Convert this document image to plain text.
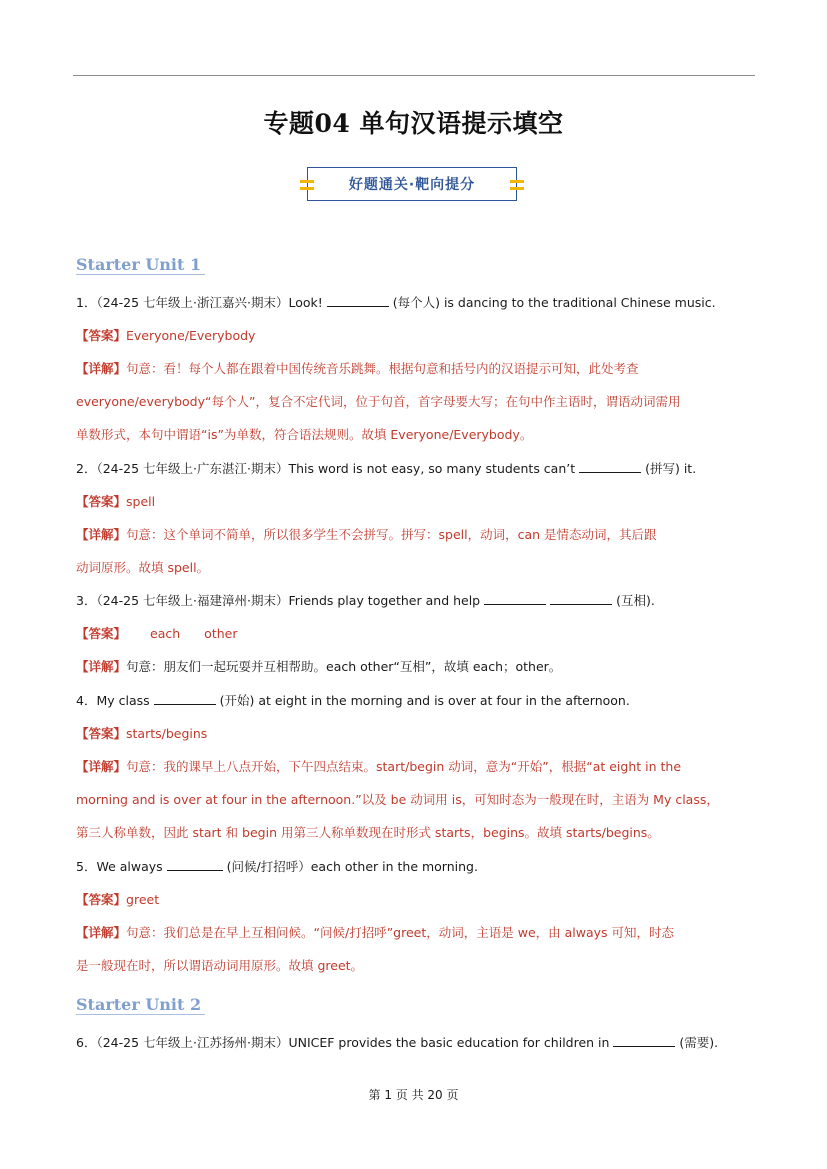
专题04 单句汉语提示填空
好题通关·靶向提分
Starter Unit 1
1．（24-25 七年级上·浙江嘉兴·期末）Look!	(每个人) is dancing to the traditional Chinese music.
【答案】Everyone/Everybody
【详解】句意：看！每个人都在跟着中国传统音乐跳舞。根据句意和括号内的汉语提示可知，此处考查
everyone/everybody“每个人”，复合不定代词，位于句首，首字母要大写；在句中作主语时，谓语动词需用
单数形式，本句中谓语“is”为单数，符合语法规则。故填 Everyone/Everybody。
2．（24-25 七年级上·广东湛江·期末）This word is not easy, so many students can’t	(拼写) it.
【答案】spell
【详解】句意：这个单词不简单，所以很多学生不会拼写。拼写：spell，动词，can 是情态动词，其后跟
动词原形。故填 spell。
3．（24-25 七年级上·福建漳州·期末）Friends play together and help	(互相).
【答案】 each other
【详解】句意：朋友们一起玩耍并互相帮助。each other“互相”，故填 each；other。
4．My class	(开始) at eight in the morning and is over at four in the afternoon.
【答案】starts/begins
【详解】句意：我的课早上八点开始，下午四点结束。start/begin 动词，意为“开始”，根据“at eight in the
morning and is over at four in the afternoon.”以及 be 动词用 is，可知时态为一般现在时，主语为 My class，
第三人称单数，因此 start 和 begin 用第三人称单数现在时形式 starts，begins。故填 starts/begins。
5．We always	(问候/打招呼）each other in the morning.
【答案】greet
【详解】句意：我们总是在早上互相问候。“问候/打招呼”greet，动词，主语是 we，由 always 可知，时态
是一般现在时，所以谓语动词用原形。故填 greet。
Starter Unit 2
6．（24-25 七年级上·江苏扬州·期末）UNICEF provides the basic education for children in	(需要).
第 1 页 共 20 页
